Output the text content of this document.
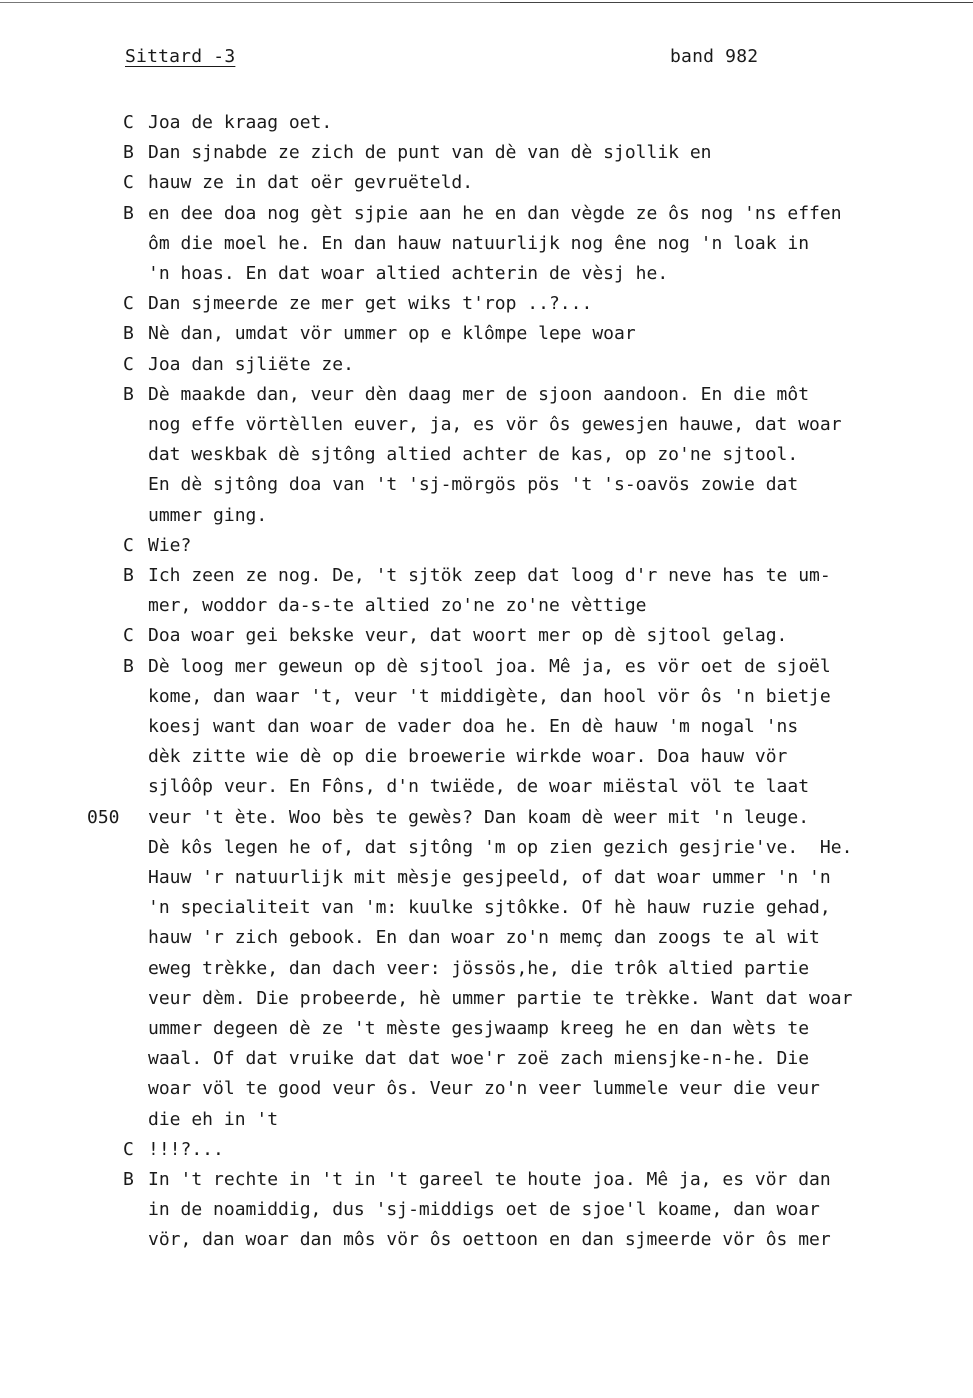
Sittard -3	band 982
C Joa de kraag oet.
B Dan sjnabde ze zich de punt van dè van dè sjollik en
C hauw ze in dat oër gevruëteld.
B en dee doa nog gèt sjpie aan he en dan vègde ze ôs nog 'ns effen
ôm die moel he. En dan hauw natuurlijk nog êne nog 'n loak in
'n hoas. En dat woar altied achterin de vèsj he.
C Dan sjmeerde ze mer get wiks t'rop ..?...
B Nè dan, umdat vör ummer op e klômpe lepe woar
C Joa dan sjliëte ze.
B Dè maakde dan, veur dèn daag mer de sjoon aandoon. En die môt
nog effe vörtèllen euver, ja, es vör ôs gewesjen hauwe, dat woar
dat weskbak dè sjtông altied achter de kas, op zo'ne sjtool.
En dè sjtông doa van 't 'sj-mörgös pös 't 's-oavös zowie dat
ummer ging.
C Wie?
B Ich zeen ze nog. De, 't sjtök zeep dat loog d'r neve has te um-
mer, woddor da-s-te altied zo'ne zo'ne vèttige
C Doa woar gei bekske veur, dat woort mer op dè sjtool gelag.
B Dè loog mer geweun op dè sjtool joa. Mê ja, es vör oet de sjoël
kome, dan waar 't, veur 't middigète, dan hool vör ôs 'n bietje
koesj want dan woar de vader doa he. En dè hauw 'm nogal 'ns
dèk zitte wie dè op die broewerie wirkde woar. Doa hauw vör
sjlôôp veur. En Fôns, d'n twiëde, de woar miëstal völ te laat
veur 't ète. Woo bès te gewès? Dan koam dè weer mit 'n leuge.
Dè kôs legen he of, dat sjtông 'm op zien gezich gesjrie've.  He.
Hauw 'r natuurlijk mit mèsje gesjpeeld, of dat woar ummer 'n 'n
'n specialiteit van 'm: kuulke sjtôkke. Of hè hauw ruzie gehad,
hauw 'r zich gebook. En dan woar zo'n memç dan zoogs te al wit
eweg trèkke, dan dach veer: jössös,he, die trôk altied partie
veur dèm. Die probeerde, hè ummer partie te trèkke. Want dat woar
ummer degeen dè ze 't mèste gesjwaamp kreeg he en dan wèts te
waal. Of dat vruike dat dat woe'r zoë zach miensjke-n-he. Die
woar völ te good veur ôs. Veur zo'n veer lummele veur die veur
die eh in 't
C !!!?...
B In 't rechte in 't in 't gareel te houte joa. Mê ja, es vör dan
in de noamiddig, dus 'sj-middigs oet de sjoe'l koame, dan woar
vör, dan woar dan môs vör ôs oettoon en dan sjmeerde vör ôs mer
050
